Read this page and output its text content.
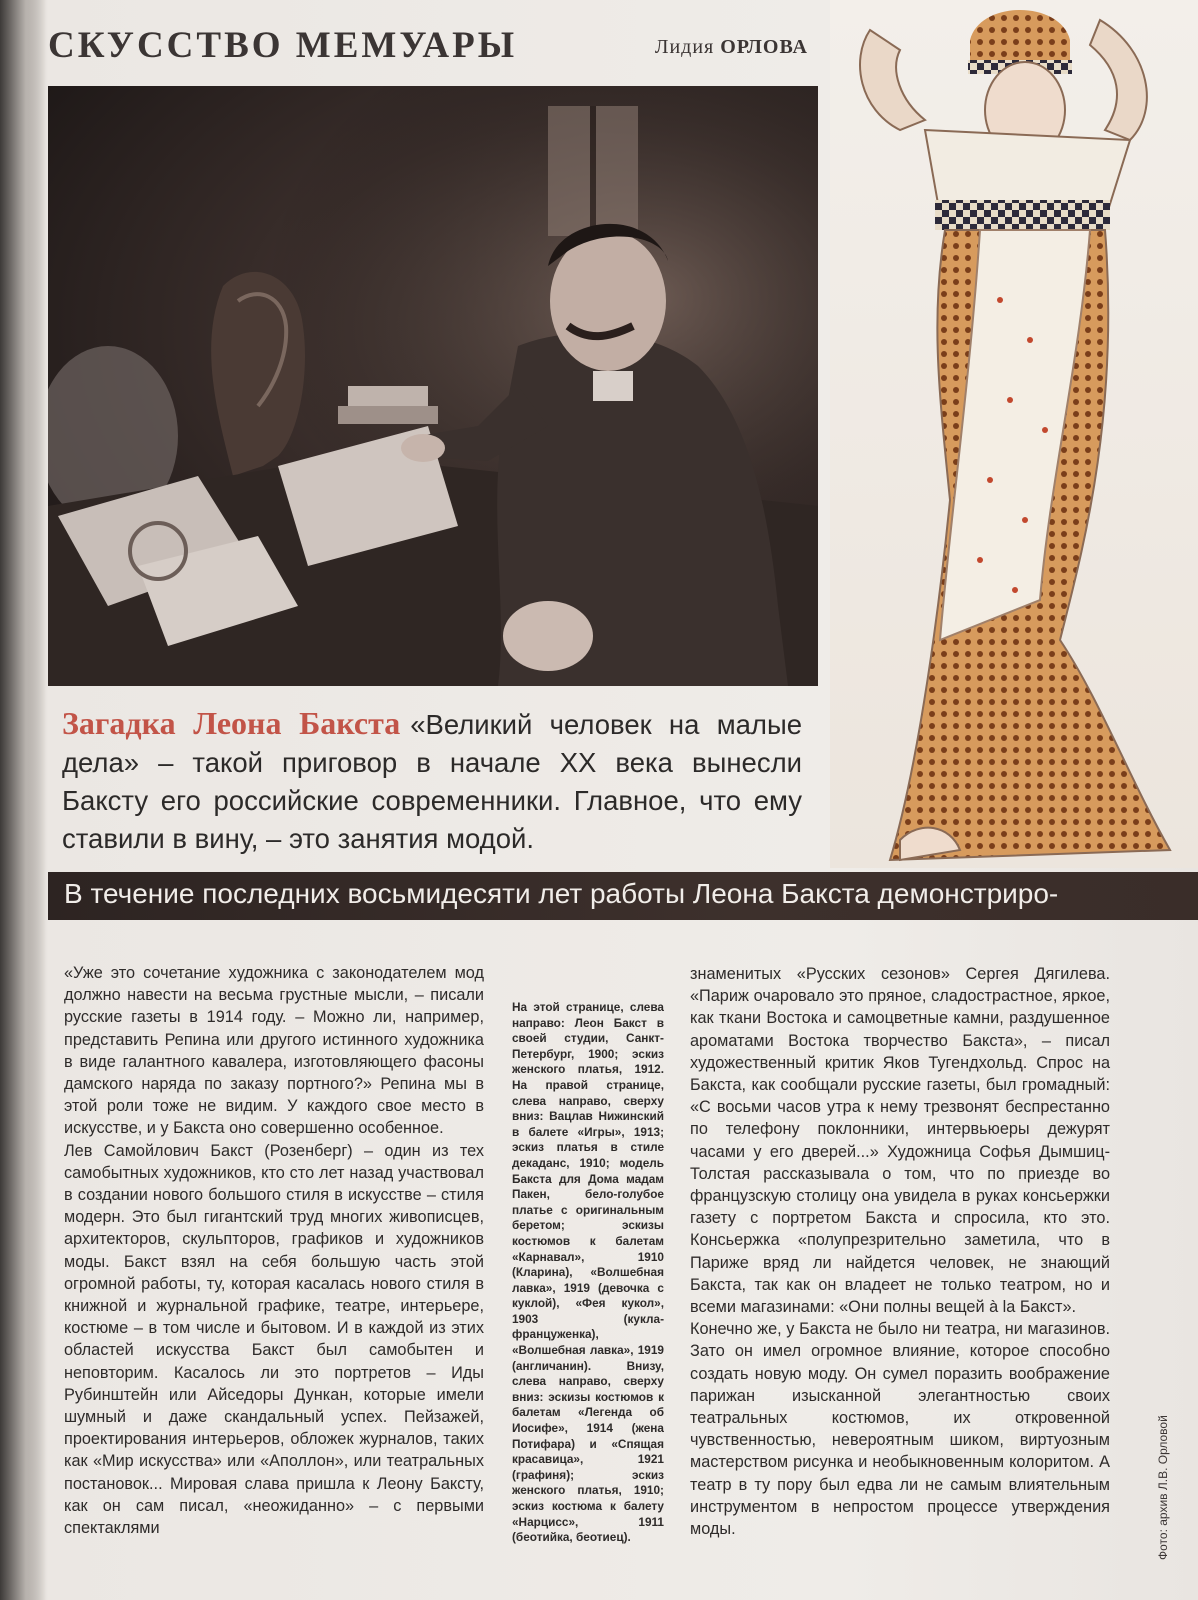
СКУССТВО МЕМУАРЫ	Лидия ОРЛОВА
Загадка Леона Бакста «Великий человек на малые дела» – такой приговор в начале XX века вынесли Баксту его российские современники. Главное, что ему ставили в вину, – это занятия модой.
В течение последних восьмидесяти лет работы Леона Бакста демонстриро-

«Уже это сочетание художника с законодателем мод должно навести на весьма грустные мысли, – писали русские газеты в 1914 году. – Можно ли, например, представить Репина или другого истинного художника в виде галантного кавалера, изготовляющего фасоны дамского наряда по заказу портного?» Репина мы в этой роли тоже не видим. У каждого свое место в искусстве, и у Бакста оно совершенно особенное.

Лев Самойлович Бакст (Розенберг) – один из тех самобытных художников, кто сто лет назад участвовал в создании нового большого стиля в искусстве – стиля модерн. Это был гигантский труд многих живописцев, архитекторов, скульпторов, графиков и художников моды. Бакст взял на себя большую часть этой огромной работы, ту, которая касалась нового стиля в книжной и журнальной графике, театре, интерьере, костюме – в том числе и бытовом. И в каждой из этих областей искусства Бакст был самобытен и неповторим. Касалось ли это портретов – Иды Рубинштейн или Айседоры Дункан, которые имели шумный и даже скандальный успех. Пейзажей, проектирования интерьеров, обложек журналов, таких как «Мир искусства» или «Аполлон», или театральных постановок... Мировая слава пришла к Леону Баксту, как он сам писал, «неожиданно» – с первыми спектаклями

На этой странице, слева направо: Леон Бакст в своей студии, Санкт-Петербург, 1900; эскиз женского платья, 1912. На правой странице, слева направо, сверху вниз: Вацлав Нижинский в балете «Игры», 1913; эскиз платья в стиле декаданс, 1910; модель Бакста для Дома мадам Пакен, бело-голубое платье с оригинальным беретом; эскизы костюмов к балетам «Карнавал», 1910 (Кларина), «Волшебная лавка», 1919 (девочка с куклой), «Фея кукол», 1903 (кукла-француженка), «Волшебная лавка», 1919 (англичанин). Внизу, слева направо, сверху вниз: эскизы костюмов к балетам «Легенда об Иосифе», 1914 (жена Потифара) и «Спящая красавица», 1921 (графиня); эскиз женского платья, 1910; эскиз костюма к балету «Нарцисс», 1911 (беотийка, беотиец).

знаменитых «Русских сезонов» Сергея Дягилева. «Париж очаровало это пряное, сладострастное, яркое, как ткани Востока и самоцветные камни, раздушенное ароматами Востока творчество Бакста», – писал художественный критик Яков Тугендхольд. Спрос на Бакста, как сообщали русские газеты, был громадный: «С восьми часов утра к нему трезвонят беспрестанно по телефону поклонники, интервьюеры дежурят часами у его дверей...» Художница Софья Дымшиц-Толстая рассказывала о том, что по приезде во французскую столицу она увидела в руках консьержки газету с портретом Бакста и спросила, кто это. Консьержка «полупрезрительно заметила, что в Париже вряд ли найдется человек, не знающий Бакста, так как он владеет не только театром, но и всеми магазинами: «Они полны вещей à la Бакст».

Конечно же, у Бакста не было ни театра, ни магазинов. Зато он имел огромное влияние, которое способно создать новую моду. Он сумел поразить воображение парижан изысканной элегантностью своих театральных костюмов, их откровенной чувственностью, невероятным шиком, виртуозным мастерством рисунка и необыкновенным колоритом. А театр в ту пору был едва ли не самым влиятельным инструментом в непростом процессе утверждения моды.	Фото: архив Л.В. Орловой
